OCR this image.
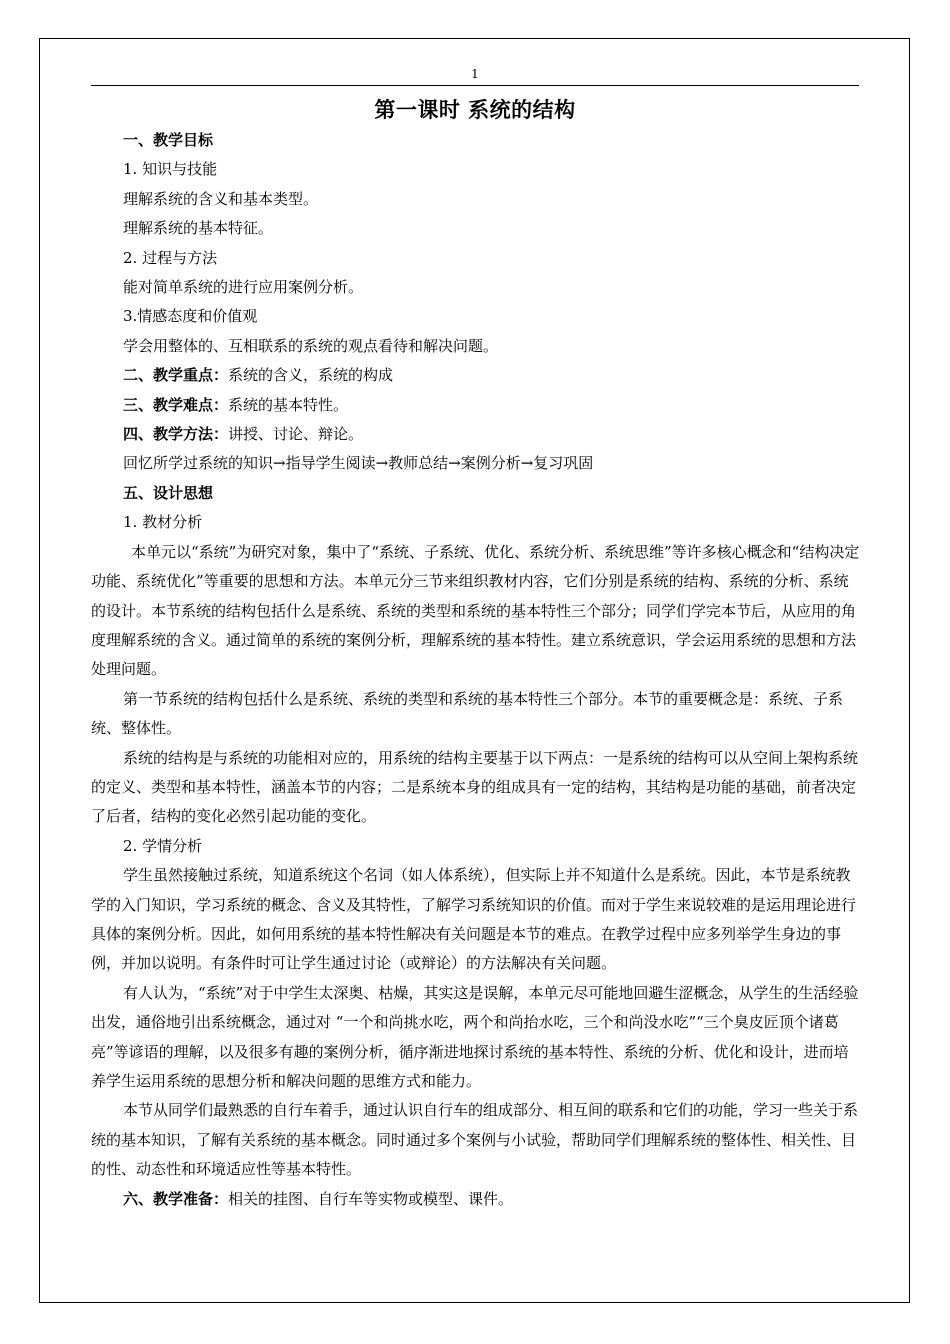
1
第一课时 系统的结构

一、教学目标

1. 知识与技能

理解系统的含义和基本类型。

理解系统的基本特征。

2. 过程与方法

能对简单系统的进行应用案例分析。

3.情感态度和价值观

学会用整体的、互相联系的系统的观点看待和解决问题。

二、教学重点：系统的含义，系统的构成

三、教学难点：系统的基本特性。

四、教学方法：讲授、讨论、辩论。

回忆所学过系统的知识→指导学生阅读→教师总结→案例分析→复习巩固

五、设计思想

1. 教材分析

本单元以“系统”为研究对象，集中了“系统、子系统、优化、系统分析、系统思维”等许多核心概念和“结构决定功能、系统优化”等重要的思想和方法。本单元分三节来组织教材内容，它们分别是系统的结构、系统的分析、系统的设计。本节系统的结构包括什么是系统、系统的类型和系统的基本特性三个部分；同学们学完本节后，从应用的角度理解系统的含义。通过简单的系统的案例分析，理解系统的基本特性。建立系统意识，学会运用系统的思想和方法处理问题。

第一节系统的结构包括什么是系统、系统的类型和系统的基本特性三个部分。本节的重要概念是：系统、子系统、整体性。

系统的结构是与系统的功能相对应的，用系统的结构主要基于以下两点：一是系统的结构可以从空间上架构系统的定义、类型和基本特性，涵盖本节的内容；二是系统本身的组成具有一定的结构，其结构是功能的基础，前者决定了后者，结构的变化必然引起功能的变化。

2. 学情分析

学生虽然接触过系统，知道系统这个名词（如人体系统），但实际上并不知道什么是系统。因此，本节是系统教学的入门知识，学习系统的概念、含义及其特性，了解学习系统知识的价值。而对于学生来说较难的是运用理论进行具体的案例分析。因此，如何用系统的基本特性解决有关问题是本节的难点。在教学过程中应多列举学生身边的事例，并加以说明。有条件时可让学生通过讨论（或辩论）的方法解决有关问题。

有人认为，“系统”对于中学生太深奥、枯燥，其实这是误解，本单元尽可能地回避生涩概念，从学生的生活经验出发，通俗地引出系统概念，通过对 “一个和尚挑水吃，两个和尚抬水吃，三个和尚没水吃”“三个臭皮匠顶个诸葛亮”等谚语的理解，以及很多有趣的案例分析，循序渐进地探讨系统的基本特性、系统的分析、优化和设计，进而培养学生运用系统的思想分析和解决问题的思维方式和能力。

本节从同学们最熟悉的自行车着手，通过认识自行车的组成部分、相互间的联系和它们的功能，学习一些关于系统的基本知识，了解有关系统的基本概念。同时通过多个案例与小试验，帮助同学们理解系统的整体性、相关性、目的性、动态性和环境适应性等基本特性。

六、教学准备：相关的挂图、自行车等实物或模型、课件。
